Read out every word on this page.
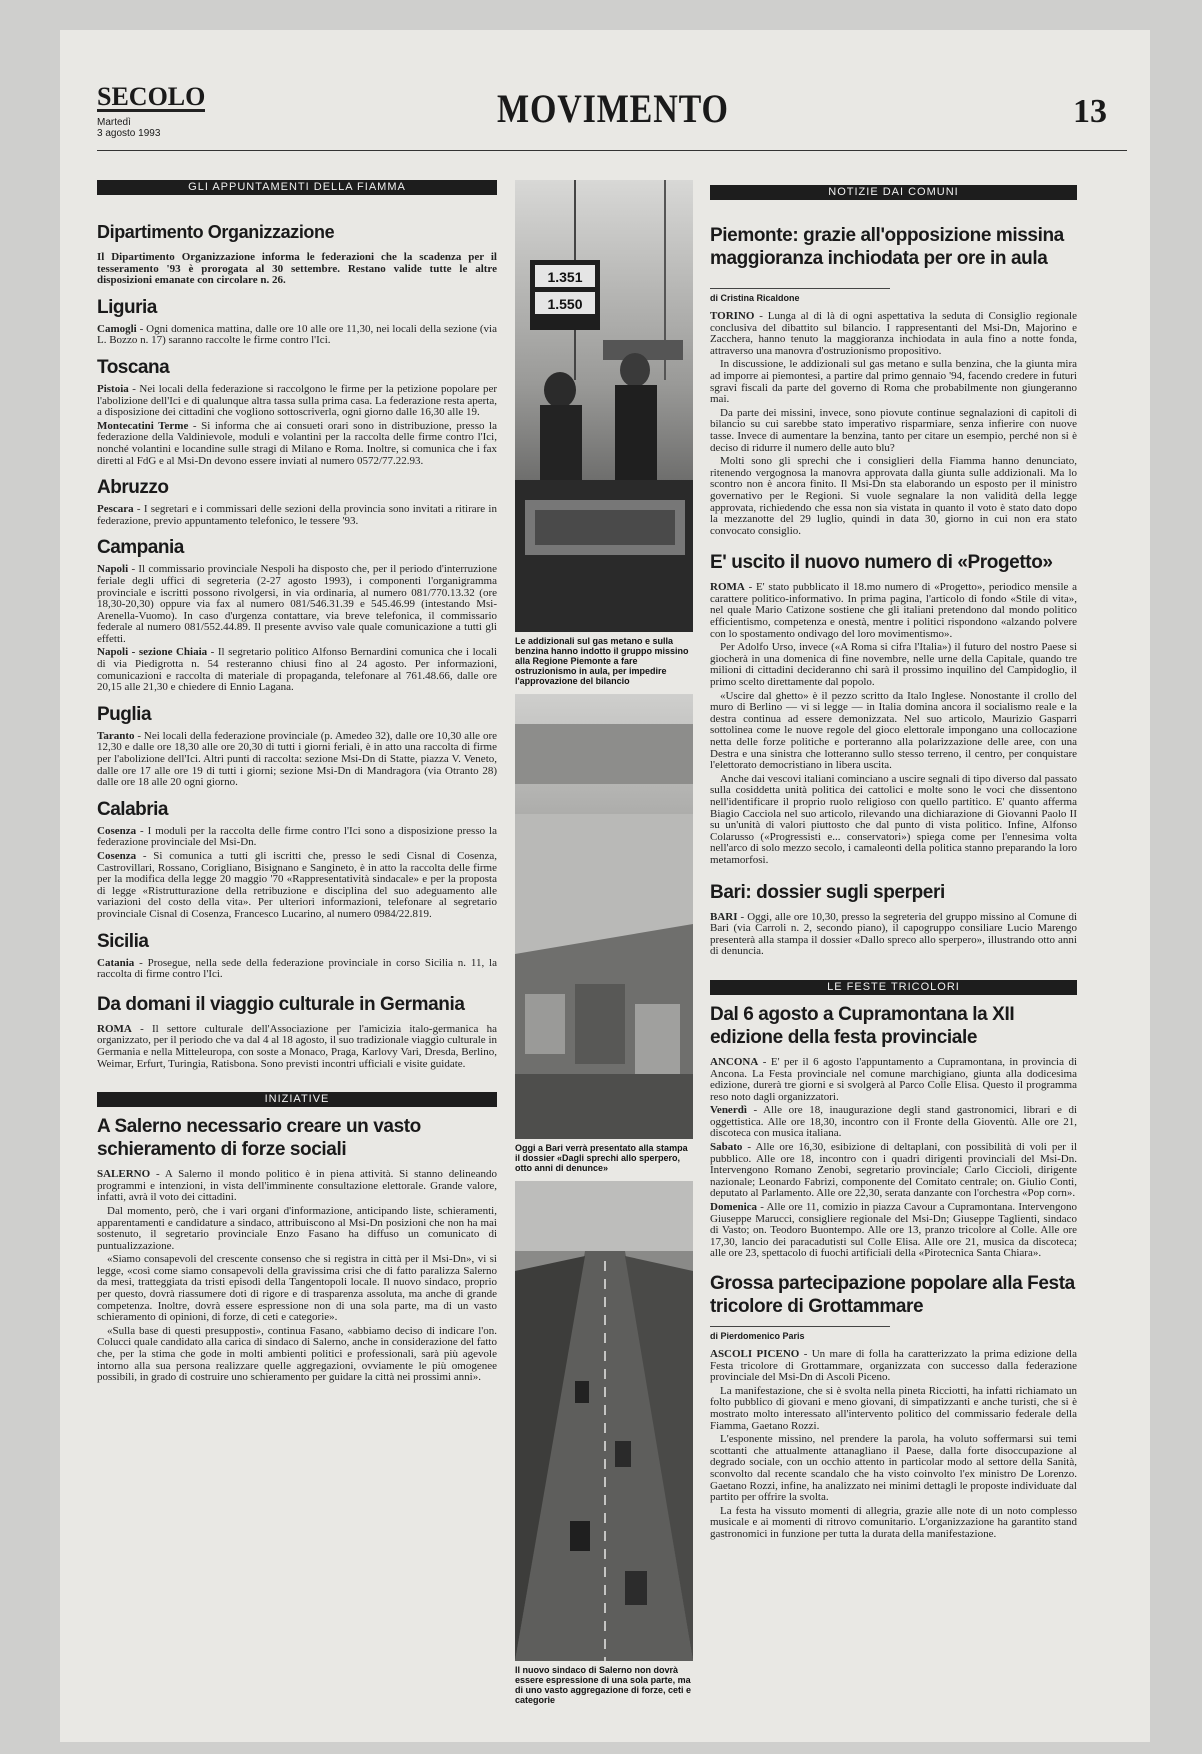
SECOLO
Martedì
3 agosto 1993
MOVIMENTO	13
GLI APPUNTAMENTI DELLA FIAMMA
Dipartimento Organizzazione

Il Dipartimento Organizzazione informa le federazioni che la scadenza per il tesseramento '93 è prorogata al 30 settembre. Restano valide tutte le altre disposizioni emanate con circolare n. 26.

Liguria

Camogli - Ogni domenica mattina, dalle ore 10 alle ore 11,30, nei locali della sezione (via L. Bozzo n. 17) saranno raccolte le firme contro l'Ici.

Toscana

Pistoia - Nei locali della federazione si raccolgono le firme per la petizione popolare per l'abolizione dell'Ici e di qualunque altra tassa sulla prima casa. La federazione resta aperta, a disposizione dei cittadini che vogliono sottoscriverla, ogni giorno dalle 16,30 alle 19.

Montecatini Terme - Si informa che ai consueti orari sono in distribuzione, presso la federazione della Valdinievole, moduli e volantini per la raccolta delle firme contro l'Ici, nonché volantini e locandine sulle stragi di Milano e Roma. Inoltre, si comunica che i fax diretti al FdG e al Msi-Dn devono essere inviati al numero 0572/77.22.93.

Abruzzo

Pescara - I segretari e i commissari delle sezioni della provincia sono invitati a ritirare in federazione, previo appuntamento telefonico, le tessere '93.

Campania

Napoli - Il commissario provinciale Nespoli ha disposto che, per il periodo d'interruzione feriale degli uffici di segreteria (2-27 agosto 1993), i componenti l'organigramma provinciale e iscritti possono rivolgersi, in via ordinaria, al numero 081/770.13.32 (ore 18,30-20,30) oppure via fax al numero 081/546.31.39 e 545.46.99 (intestando Msi-Arenella-Vuomo). In caso d'urgenza contattare, via breve telefonica, il commissario federale al numero 081/552.44.89. Il presente avviso vale quale comunicazione a tutti gli effetti.

Napoli - sezione Chiaia - Il segretario politico Alfonso Bernardini comunica che i locali di via Piedigrotta n. 54 resteranno chiusi fino al 24 agosto. Per informazioni, comunicazioni e raccolta di materiale di propaganda, telefonare al 761.48.66, dalle ore 20,15 alle 21,30 e chiedere di Ennio Lagana.

Puglia

Taranto - Nei locali della federazione provinciale (p. Amedeo 32), dalle ore 10,30 alle ore 12,30 e dalle ore 18,30 alle ore 20,30 di tutti i giorni feriali, è in atto una raccolta di firme per l'abolizione dell'Ici. Altri punti di raccolta: sezione Msi-Dn di Statte, piazza V. Veneto, dalle ore 17 alle ore 19 di tutti i giorni; sezione Msi-Dn di Mandragora (via Otranto 28) dalle ore 18 alle 20 ogni giorno.

Calabria

Cosenza - I moduli per la raccolta delle firme contro l'Ici sono a disposizione presso la federazione provinciale del Msi-Dn.

Cosenza - Si comunica a tutti gli iscritti che, presso le sedi Cisnal di Cosenza, Castrovillari, Rossano, Corigliano, Bisignano e Sangineto, è in atto la raccolta delle firme per la modifica della legge 20 maggio '70 «Rappresentatività sindacale» e per la proposta di legge «Ristrutturazione della retribuzione e disciplina del suo adeguamento alle variazioni del costo della vita». Per ulteriori informazioni, telefonare al segretario provinciale Cisnal di Cosenza, Francesco Lucarino, al numero 0984/22.819.

Sicilia

Catania - Prosegue, nella sede della federazione provinciale in corso Sicilia n. 11, la raccolta di firme contro l'Ici.

Da domani il viaggio culturale in Germania

ROMA - Il settore culturale dell'Associazione per l'amicizia italo-germanica ha organizzato, per il periodo che va dal 4 al 18 agosto, il suo tradizionale viaggio culturale in Germania e nella Mitteleuropa, con soste a Monaco, Praga, Karlovy Vari, Dresda, Berlino, Weimar, Erfurt, Turingia, Ratisbona. Sono previsti incontri ufficiali e visite guidate.

INIZIATIVE
A Salerno necessario creare un vasto schieramento di forze sociali

SALERNO - A Salerno il mondo politico è in piena attività. Si stanno delineando programmi e intenzioni, in vista dell'imminente consultazione elettorale. Grande valore, infatti, avrà il voto dei cittadini.

Dal momento, però, che i vari organi d'informazione, anticipando liste, schieramenti, apparentamenti e candidature a sindaco, attribuiscono al Msi-Dn posizioni che non ha mai sostenuto, il segretario provinciale Enzo Fasano ha diffuso un comunicato di puntualizzazione.

«Siamo consapevoli del crescente consenso che si registra in città per il Msi-Dn», vi si legge, «così come siamo consapevoli della gravissima crisi che di fatto paralizza Salerno da mesi, tratteggiata da tristi episodi della Tangentopoli locale. Il nuovo sindaco, proprio per questo, dovrà riassumere doti di rigore e di trasparenza assoluta, ma anche di grande competenza. Inoltre, dovrà essere espressione non di una sola parte, ma di un vasto schieramento di opinioni, di forze, di ceti e categorie».

«Sulla base di questi presupposti», continua Fasano, «abbiamo deciso di indicare l'on. Colucci quale candidato alla carica di sindaco di Salerno, anche in considerazione del fatto che, per la stima che gode in molti ambienti politici e professionali, sarà più agevole intorno alla sua persona realizzare quelle aggregazioni, ovviamente le più omogenee possibili, in grado di costruire uno schieramento per guidare la città nei prossimi anni».

1.351
1.550
Le addizionali sul gas metano e sulla benzina hanno indotto il gruppo missino alla Regione Piemonte a fare ostruzionismo in aula, per impedire l'approvazione del bilancio
Oggi a Bari verrà presentato alla stampa il dossier «Dagli sprechi allo sperpero, otto anni di denunce»
Il nuovo sindaco di Salerno non dovrà essere espressione di una sola parte, ma di uno vasto aggregazione di forze, ceti e categorie
NOTIZIE DAI COMUNI
Piemonte: grazie all'opposizione missina maggioranza inchiodata per ore in aula
di Cristina Ricaldone

TORINO - Lunga al di là di ogni aspettativa la seduta di Consiglio regionale conclusiva del dibattito sul bilancio. I rappresentanti del Msi-Dn, Majorino e Zacchera, hanno tenuto la maggioranza inchiodata in aula fino a notte fonda, attraverso una manovra d'ostruzionismo propositivo.

In discussione, le addizionali sul gas metano e sulla benzina, che la giunta mira ad imporre ai piemontesi, a partire dal primo gennaio '94, facendo credere in futuri sgravi fiscali da parte del governo di Roma che probabilmente non giungeranno mai.

Da parte dei missini, invece, sono piovute continue segnalazioni di capitoli di bilancio su cui sarebbe stato imperativo risparmiare, senza infierire con nuove tasse. Invece di aumentare la benzina, tanto per citare un esempio, perché non si è deciso di ridurre il numero delle auto blu?

Molti sono gli sprechi che i consiglieri della Fiamma hanno denunciato, ritenendo vergognosa la manovra approvata dalla giunta sulle addizionali. Ma lo scontro non è ancora finito. Il Msi-Dn sta elaborando un esposto per il ministro governativo per le Regioni. Si vuole segnalare la non validità della legge approvata, richiedendo che essa non sia vistata in quanto il voto è stato dato dopo la mezzanotte del 29 luglio, quindi in data 30, giorno in cui non era stato convocato consiglio.

E' uscito il nuovo numero di «Progetto»

ROMA - E' stato pubblicato il 18.mo numero di «Progetto», periodico mensile a carattere politico-informativo. In prima pagina, l'articolo di fondo «Stile di vita», nel quale Mario Catizone sostiene che gli italiani pretendono dal mondo politico efficientismo, competenza e onestà, mentre i politici rispondono «alzando polvere con lo spostamento ondivago del loro movimentismo».

Per Adolfo Urso, invece («A Roma si cifra l'Italia») il futuro del nostro Paese si giocherà in una domenica di fine novembre, nelle urne della Capitale, quando tre milioni di cittadini decideranno chi sarà il prossimo inquilino del Campidoglio, il primo scelto direttamente dal popolo.

«Uscire dal ghetto» è il pezzo scritto da Italo Inglese. Nonostante il crollo del muro di Berlino — vi si legge — in Italia domina ancora il socialismo reale e la destra continua ad essere demonizzata. Nel suo articolo, Maurizio Gasparri sottolinea come le nuove regole del gioco elettorale impongano una collocazione netta delle forze politiche e porteranno alla polarizzazione delle aree, con una Destra e una sinistra che lotteranno sullo stesso terreno, il centro, per conquistare l'elettorato democristiano in libera uscita.

Anche dai vescovi italiani cominciano a uscire segnali di tipo diverso dal passato sulla cosiddetta unità politica dei cattolici e molte sono le voci che dissentono nell'identificare il proprio ruolo religioso con quello partitico. E' quanto afferma Biagio Cacciola nel suo articolo, rilevando una dichiarazione di Giovanni Paolo II su un'unità di valori piuttosto che dal punto di vista politico. Infine, Alfonso Colarusso («Progressisti e... conservatori») spiega come per l'ennesima volta nell'arco di solo mezzo secolo, i camaleonti della politica stanno preparando la loro metamorfosi.

Bari: dossier sugli sperperi

BARI - Oggi, alle ore 10,30, presso la segreteria del gruppo missino al Comune di Bari (via Carroli n. 2, secondo piano), il capogruppo consiliare Lucio Marengo presenterà alla stampa il dossier «Dallo spreco allo sperpero», illustrando otto anni di denuncia.

LE FESTE TRICOLORI
Dal 6 agosto a Cupramontana la XII edizione della festa provinciale

ANCONA - E' per il 6 agosto l'appuntamento a Cupramontana, in provincia di Ancona. La Festa provinciale nel comune marchigiano, giunta alla dodicesima edizione, durerà tre giorni e si svolgerà al Parco Colle Elisa. Questo il programma reso noto dagli organizzatori.

Venerdì - Alle ore 18, inaugurazione degli stand gastronomici, librari e di oggettistica. Alle ore 18,30, incontro con il Fronte della Gioventù. Alle ore 21, discoteca con musica italiana.

Sabato - Alle ore 16,30, esibizione di deltaplani, con possibilità di voli per il pubblico. Alle ore 18, incontro con i quadri dirigenti provinciali del Msi-Dn. Intervengono Romano Zenobi, segretario provinciale; Carlo Ciccioli, dirigente nazionale; Leonardo Fabrizi, componente del Comitato centrale; on. Giulio Conti, deputato al Parlamento. Alle ore 22,30, serata danzante con l'orchestra «Pop corn».

Domenica - Alle ore 11, comizio in piazza Cavour a Cupramontana. Intervengono Giuseppe Marucci, consigliere regionale del Msi-Dn; Giuseppe Taglienti, sindaco di Vasto; on. Teodoro Buontempo. Alle ore 13, pranzo tricolore al Colle. Alle ore 17,30, lancio dei paracadutisti sul Colle Elisa. Alle ore 21, musica da discoteca; alle ore 23, spettacolo di fuochi artificiali della «Pirotecnica Santa Chiara».

Grossa partecipazione popolare alla Festa tricolore di Grottammare
di Pierdomenico Paris

ASCOLI PICENO - Un mare di folla ha caratterizzato la prima edizione della Festa tricolore di Grottammare, organizzata con successo dalla federazione provinciale del Msi-Dn di Ascoli Piceno.

La manifestazione, che si è svolta nella pineta Ricciotti, ha infatti richiamato un folto pubblico di giovani e meno giovani, di simpatizzanti e anche turisti, che si è mostrato molto interessato all'intervento politico del commissario federale della Fiamma, Gaetano Rozzi.

L'esponente missino, nel prendere la parola, ha voluto soffermarsi sui temi scottanti che attualmente attanagliano il Paese, dalla forte disoccupazione al degrado sociale, con un occhio attento in particolar modo al settore della Sanità, sconvolto dal recente scandalo che ha visto coinvolto l'ex ministro De Lorenzo. Gaetano Rozzi, infine, ha analizzato nei minimi dettagli le proposte individuate dal partito per offrire la svolta.

La festa ha vissuto momenti di allegria, grazie alle note di un noto complesso musicale e ai momenti di ritrovo comunitario. L'organizzazione ha garantito stand gastronomici in funzione per tutta la durata della manifestazione.
